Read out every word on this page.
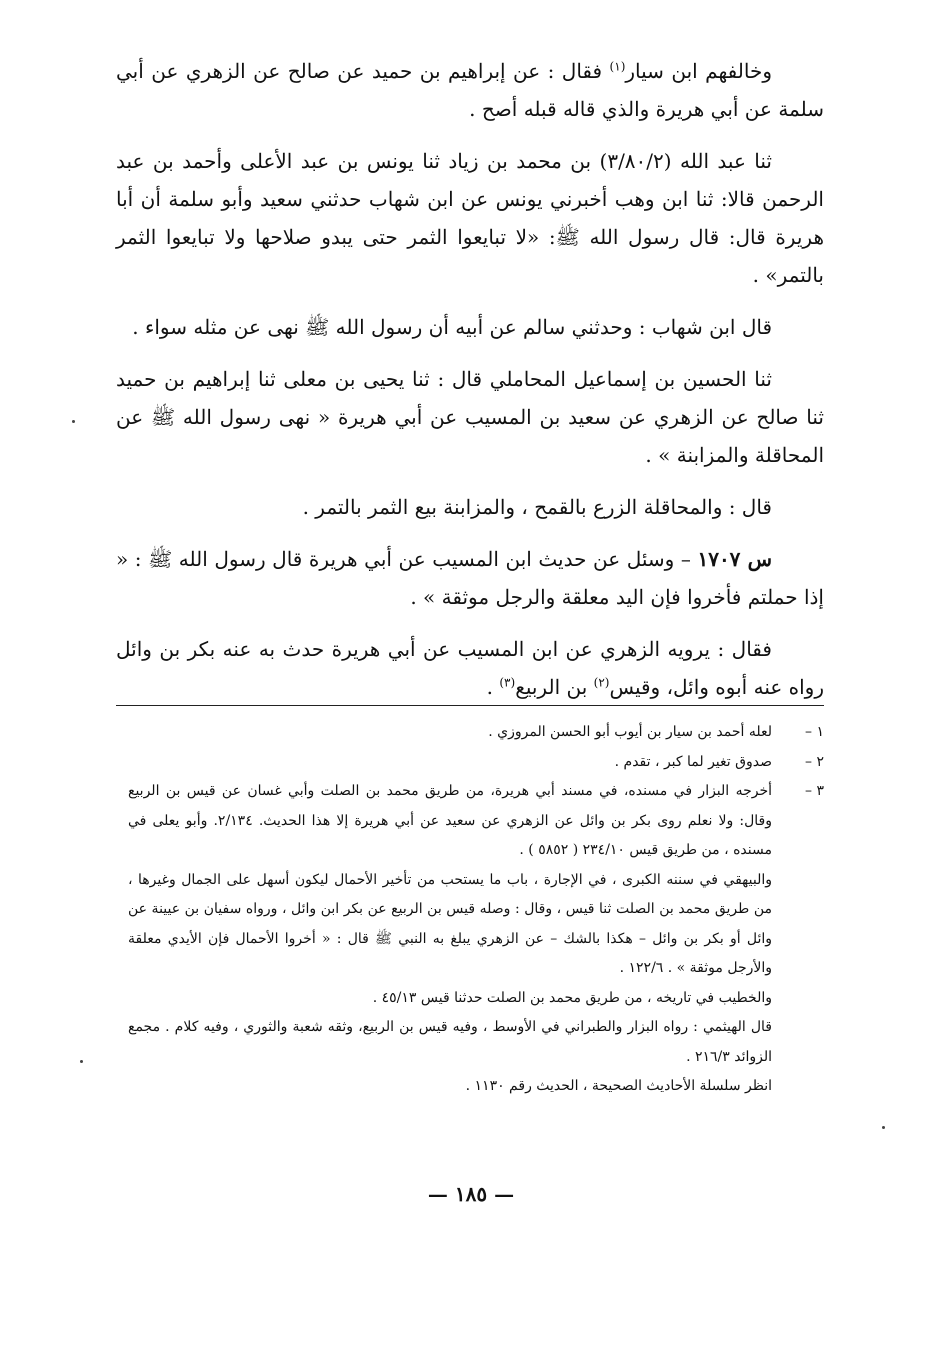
وخالفهم ابن سيار$^{(١)}$ فقال : عن إبراهيم بن حميد عن صالح عن الزهري عن أبي سلمة عن أبي هريرة والذي قاله قبله أصح .

ثنا عبد الله (٣/٨٠/٢) بن محمد بن زياد ثنا يونس بن عبد الأعلى وأحمد بن عبد الرحمن قالا: ثنا ابن وهب أخبرني يونس عن ابن شهاب حدثني سعيد وأبو سلمة أن أبا هريرة قال: قال رسول الله ﷺ: «لا تبايعوا الثمر حتى يبدو صلاحها ولا تبايعوا الثمر بالتمر» .

قال ابن شهاب : وحدثني سالم عن أبيه أن رسول الله ﷺ نهى عن مثله سواء .

ثنا الحسين بن إسماعيل المحاملي قال : ثنا يحيى بن معلى ثنا إبراهيم بن حميد ثنا صالح عن الزهري عن سعيد بن المسيب عن أبي هريرة « نهى رسول الله ﷺ عن المحاقلة والمزابنة » .

قال : والمحاقلة الزرع بالقمح ، والمزابنة بيع الثمر بالتمر .

س ١٧٠٧ – وسئل عن حديث ابن المسيب عن أبي هريرة قال رسول الله ﷺ : « إذا حملتم فأخروا فإن اليد معلقة والرجل موثقة » .

فقال : يرويه الزهري عن ابن المسيب عن أبي هريرة حدث به عنه بكر بن وائل رواه عنه أبوه وائل، وقيس$^{(٢)}$ بن الربيع$^{(٣)}$ .

١ –
لعله أحمد بن سيار بن أيوب أبو الحسن المروزي .
٢ –
صدوق تغير لما كبر ، تقدم .
٣ –

أخرجه البزار في مسنده، في مسند أبي هريرة، من طريق محمد بن الصلت وأبي غسان عن قيس بن الربيع وقال: ولا نعلم روى بكر بن وائل عن الزهري عن سعيد عن أبي هريرة إلا هذا الحديث. ٢/١٣٤. وأبو يعلى في مسنده ، من طريق قيس ٢٣٤/١٠ ( ٥٨٥٢ ) .

والبيهقي في سننه الكبرى ، في الإجارة ، باب ما يستحب من تأخير الأحمال ليكون أسهل على الجمال وغيرها ، من طريق محمد بن الصلت ثنا قيس ، وقال : وصله قيس بن الربيع عن بكر ابن وائل ، ورواه سفيان بن عيينة عن وائل أو بكر بن وائل – هكذا بالشك – عن الزهري يبلغ به النبي ﷺ قال : « أخروا الأحمال فإن الأيدي معلقة والأرجل موثقة » . ١٢٢/٦ .

والخطيب في تاريخه ، من طريق محمد بن الصلت حدثنا قيس ٤٥/١٣ .

قال الهيثمي : رواه البزار والطبراني في الأوسط ، وفيه قيس بن الربيع، وثقه شعبة والثوري ، وفيه كلام . مجمع الزوائد ٢١٦/٣ .

انظر سلسلة الأحاديث الصحيحة ، الحديث رقم ١١٣٠ .

— ١٨٥ —
